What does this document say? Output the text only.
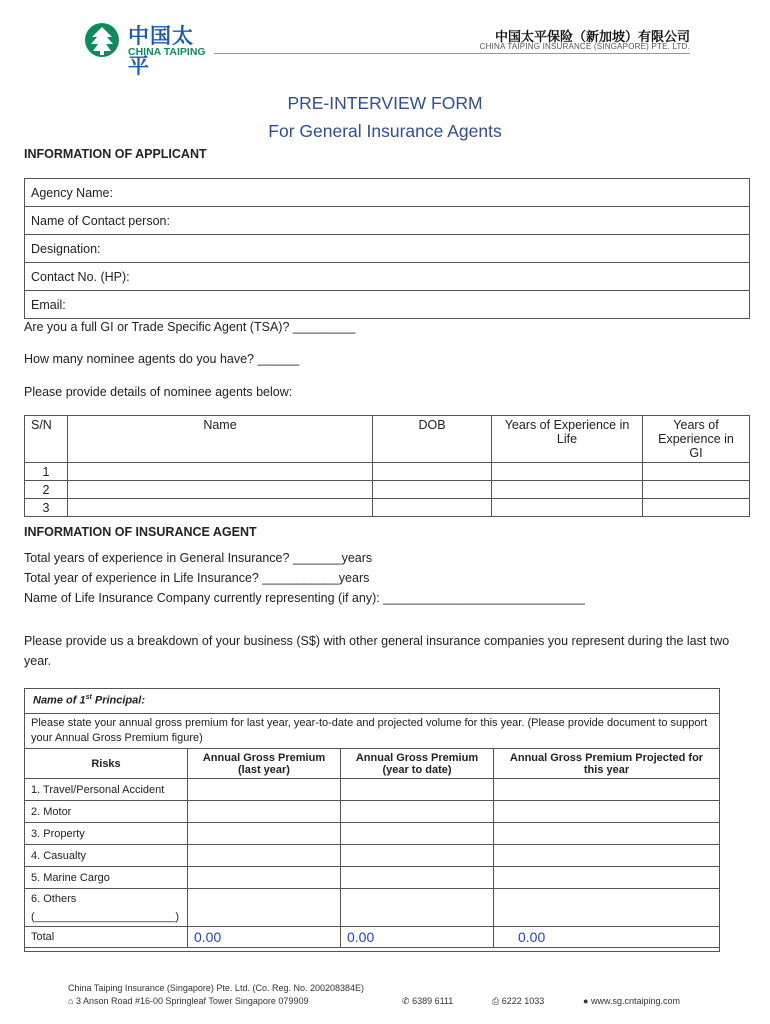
中国太平
CHINA TAIPING
中国太平保险（新加坡）有限公司
CHINA TAIPING INSURANCE (SINGAPORE) PTE. LTD.
PRE-INTERVIEW FORM
For General Insurance Agents
INFORMATION OF APPLICANT
Agency Name:
Name of Contact person:
Designation:
Contact No. (HP):
Email:
Are you a full GI or Trade Specific Agent (TSA)? _________
How many nominee agents do you have? ______
Please provide details of nominee agents below:
S/N	Name	DOB	Years of Experience in Life	Years of Experience in GI
1				
2				
3				
INFORMATION OF INSURANCE AGENT
Total years of experience in General Insurance? _______years
Total year of experience in Life Insurance? ___________years
Name of Life Insurance Company currently representing (if any): _____________________________
Please provide us a breakdown of your business (S$) with other general insurance companies you represent during the last two year.
Name of 1st Principal:
Please state your annual gross premium for last year, year-to-date and projected volume for this year. (Please provide document to support your Annual Gross Premium figure)
Risks	Annual Gross Premium (last year)	Annual Gross Premium (year to date)	Annual Gross Premium Projected for this year
1. Travel/Personal Accident			
2. Motor			
3. Property			
4. Casualty			
5. Marine Cargo			

6. Others
(_______________________)			

Total	0.00	0.00	0.00
China Taiping Insurance (Singapore) Pte. Ltd. (Co. Reg. No. 200208384E)
⌂ 3 Anson Road #16-00 Springleaf Tower Singapore 079909	✆ 6389 6111	⎙ 6222 1033	● www.sg.cntaiping.com
